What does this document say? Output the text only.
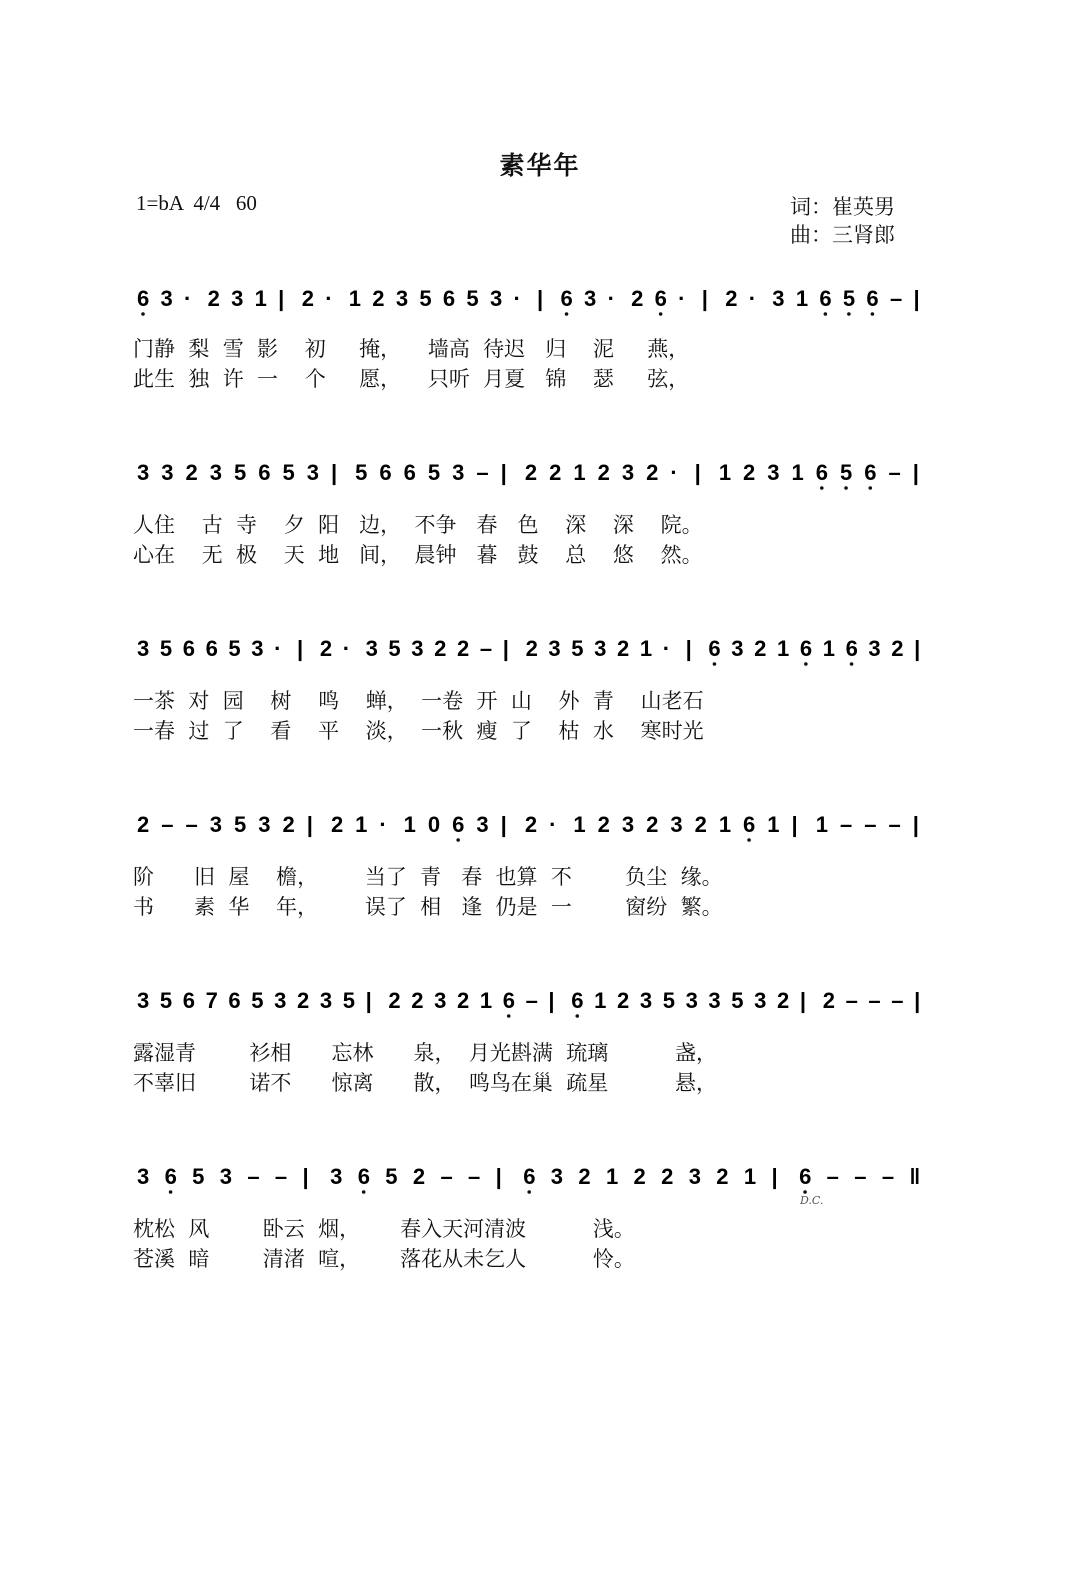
素华年
1=bA  4/4   60	词：崔英男
曲：三肾郎
6 3 · 2 3 1 | 2 · 1 2 3 5 6 5 3 · | 6 3 · 2 6 · | 2 · 3 1 6 5 6 – |
门静  梨  雪  影    初     掩，    墙高  待迟   归    泥     燕，
此生  独  许  一    个     愿，    只听  月夏   锦    瑟     弦，
3 3 2 3 5 6 5 3 | 5 6 6 5 3 – | 2 2 1 2 3 2 · | 1 2 3 1 6 5 6 – |
人住    古  寺    夕  阳   边，  不争   春   色    深    深    院。
心在    无  极    天  地   间，  晨钟   暮   鼓    总    悠    然。
3 5 6 6 5 3 · | 2 · 3 5 3 2 2 – | 2 3 5 3 2 1 · | 6 3 2 1 6 1 6 3 2 |
一茶  对  园    树    鸣    蝉，  一卷  开  山    外  青    山老石
一春  过  了    看    平    淡，  一秋  瘦  了    枯  水    寒时光
2 – – 3 5 3 2 | 2 1 · 1 0 6 3 | 2 · 1 2 3 2 3 2 1 6 1 | 1 – – – |
阶      旧  屋    檐，       当了  青   春  也算  不        负尘  缘。
书      素  华    年，       误了  相   逢  仍是  一        窗纷  繁。
3 5 6 7 6 5 3 2 3 5 | 2 2 3 2 1 6 – | 6 1 2 3 5 3 3 5 3 2 | 2 – – – |
露湿青        衫相      忘林      泉，  月光斟满  琉璃          盏，
不辜旧        诺不      惊离      散，  鸣鸟在巢  疏星          悬，
3 6 5 3 – – | 3 6 5 2 – – | 6 3 2 1 2 2 3 2 1 | 6 – – – ‖
枕松  风        卧云  烟，      春入天河清波          浅。
苍溪  暗        清渚  喧，      落花从未乞人          怜。
D.C.
